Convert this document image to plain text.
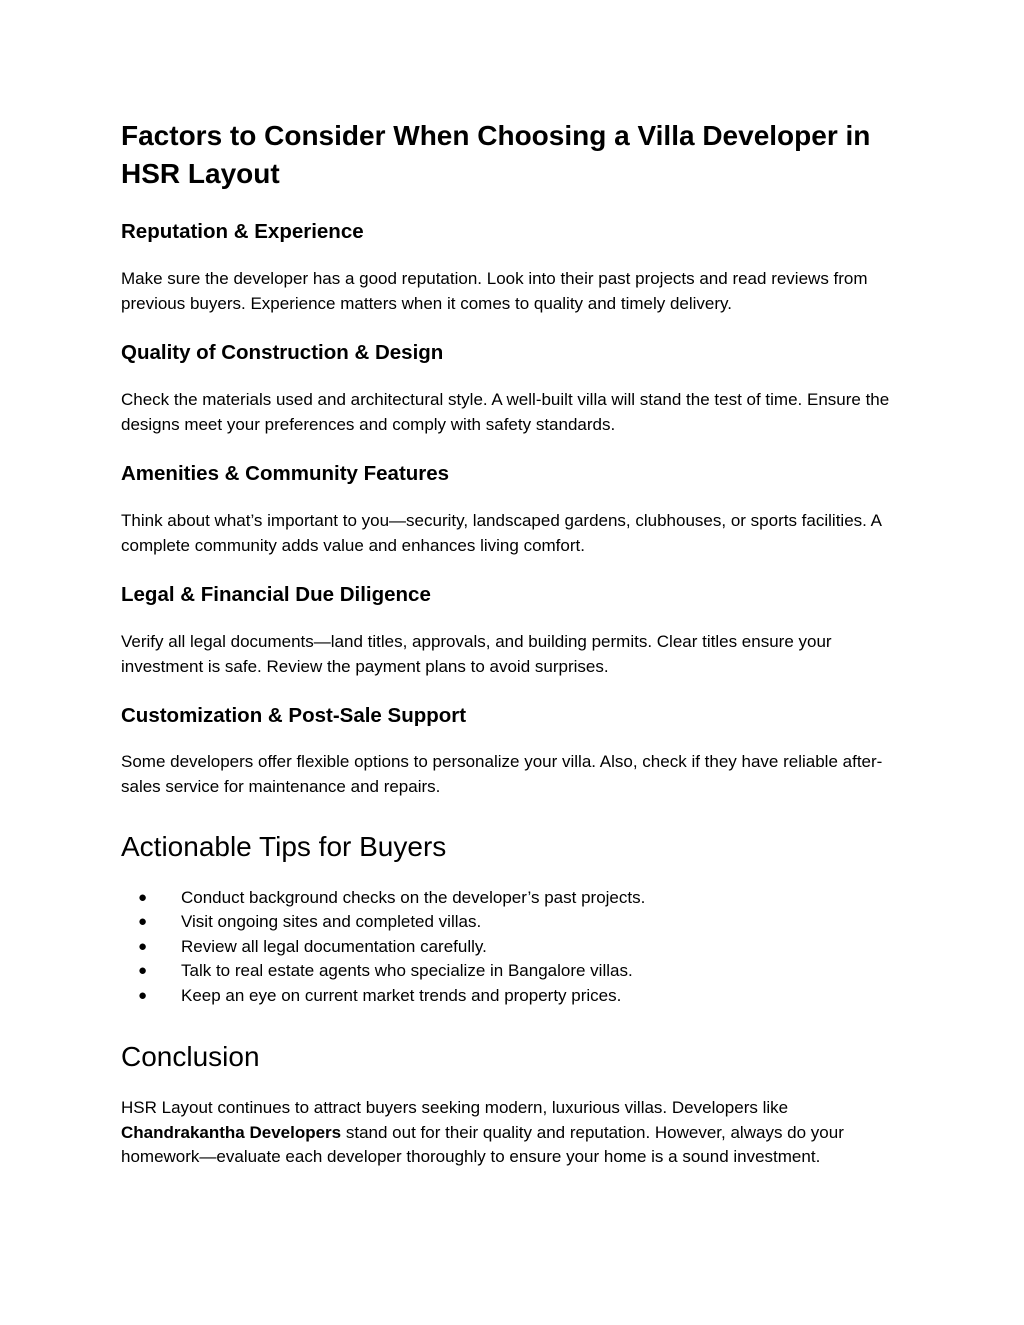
Factors to Consider When Choosing a Villa Developer in HSR Layout
Reputation & Experience

Make sure the developer has a good reputation. Look into their past projects and read reviews from previous buyers. Experience matters when it comes to quality and timely delivery.

Quality of Construction & Design

Check the materials used and architectural style. A well-built villa will stand the test of time. Ensure the designs meet your preferences and comply with safety standards.

Amenities & Community Features

Think about what’s important to you—security, landscaped gardens, clubhouses, or sports facilities. A complete community adds value and enhances living comfort.

Legal & Financial Due Diligence

Verify all legal documents—land titles, approvals, and building permits. Clear titles ensure your investment is safe. Review the payment plans to avoid surprises.

Customization & Post-Sale Support

Some developers offer flexible options to personalize your villa. Also, check if they have reliable after-sales service for maintenance and repairs.

Actionable Tips for Buyers
● Conduct background checks on the developer’s past projects.
● Visit ongoing sites and completed villas.
● Review all legal documentation carefully.
● Talk to real estate agents who specialize in Bangalore villas.
● Keep an eye on current market trends and property prices.
Conclusion

HSR Layout continues to attract buyers seeking modern, luxurious villas. Developers like Chandrakantha Developers stand out for their quality and reputation. However, always do your homework—evaluate each developer thoroughly to ensure your home is a sound investment.
